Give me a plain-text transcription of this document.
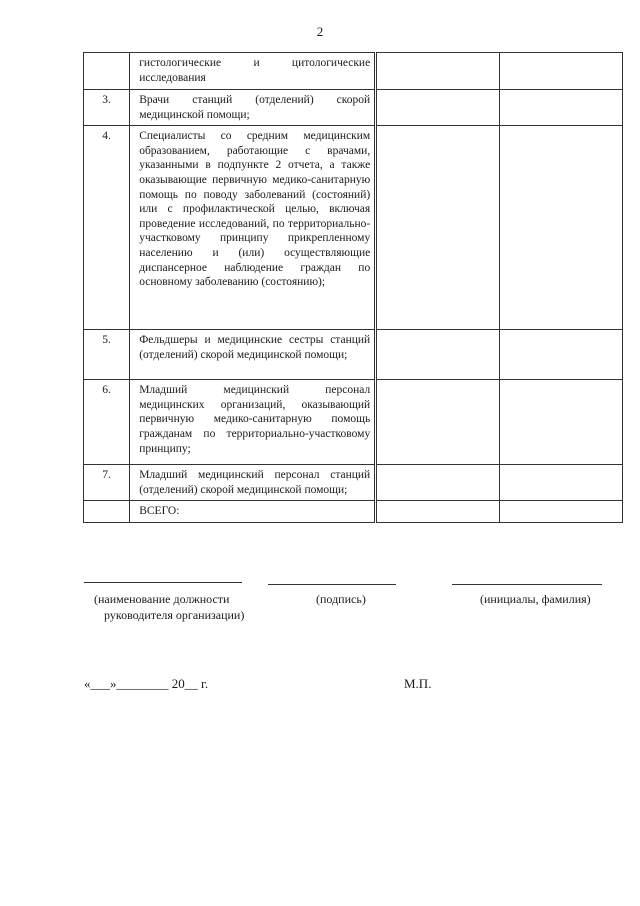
2
	гистологические и цитологические исследования		
3.	Врачи станций (отделений) скорой медицинской помощи;		
4.	Специалисты со средним медицинским образованием, работающие с врачами, указанными в подпункте 2 отчета, а также оказывающие первичную медико-санитарную помощь по поводу заболеваний (состояний) или с профилактической целью, включая проведение исследований, по территориально-участковому принципу прикрепленному населению и (или) осуществляющие диспансерное наблюдение граждан по основному заболеванию (состоянию);		
5.	Фельдшеры и медицинские сестры станций (отделений) скорой медицинской помощи;		
6.	Младший медицинский персонал медицинских организаций, оказывающий первичную медико-санитарную помощь гражданам по территориально-участковому принципу;		
7.	Младший медицинский персонал станций (отделений) скорой медицинской помощи;		
	ВСЕГО:		
(наименование должности
руководителя организации)
(подпись)	(инициалы, фамилия)
«___»________ 20__ г.	М.П.
